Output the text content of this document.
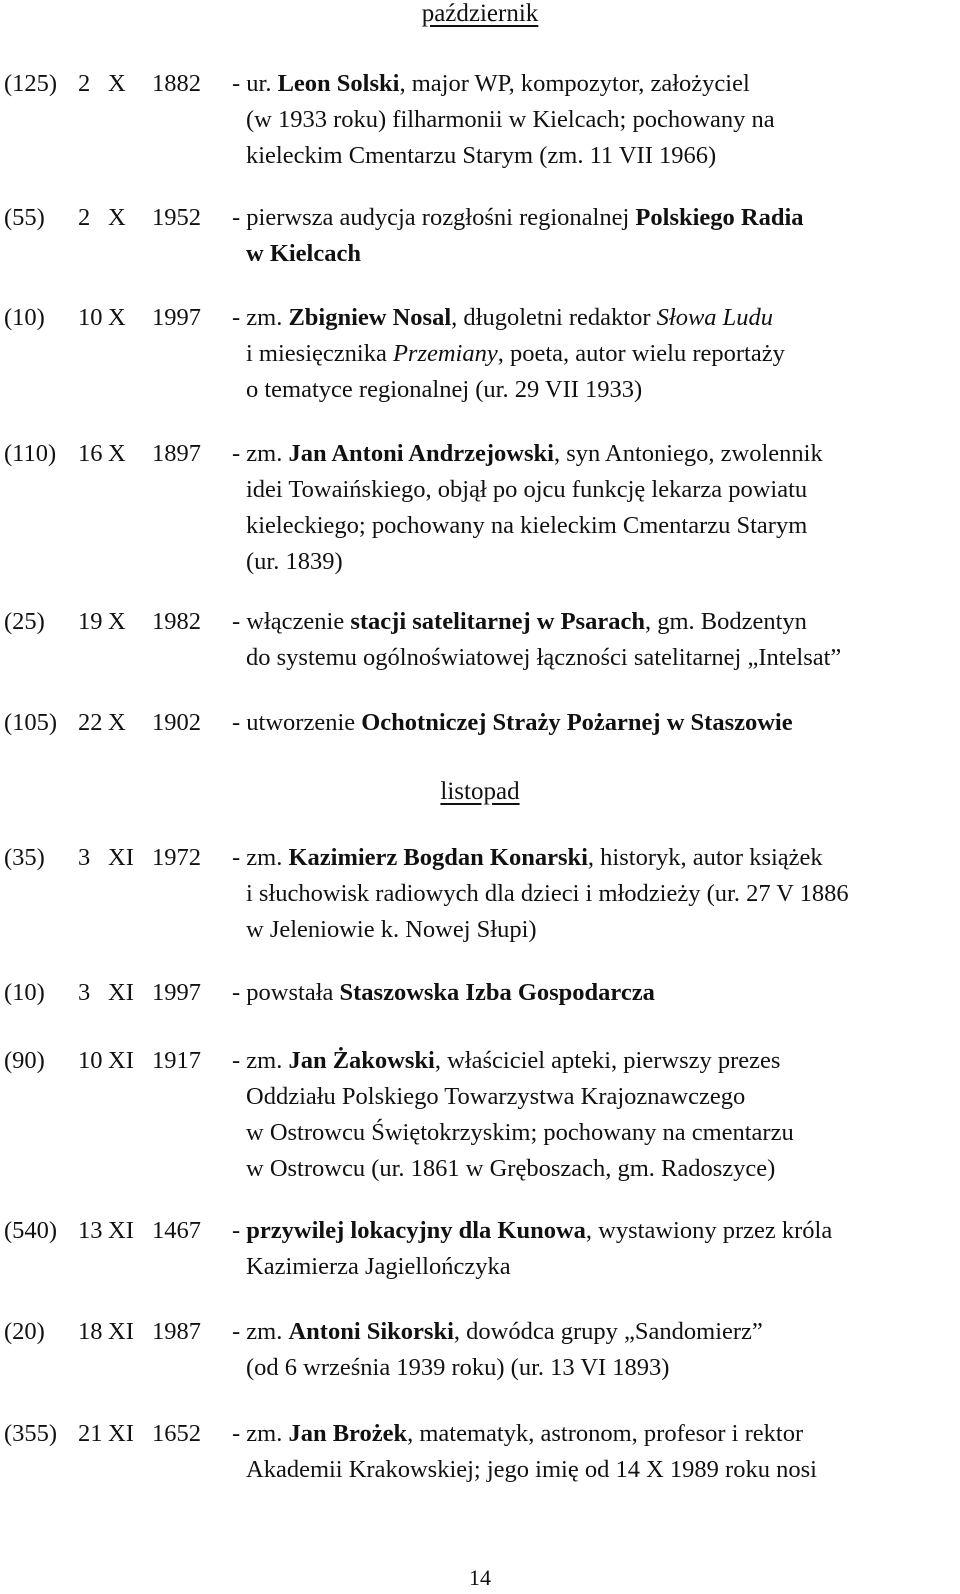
październik
listopad
(125) 2 X 1882 - ur. Leon Solski, major WP, kompozytor, założyciel
(w 1933 roku) filharmonii w Kielcach; pochowany na
kieleckim Cmentarzu Starym (zm. 11 VII 1966)
(55) 2 X 1952 - pierwsza audycja rozgłośni regionalnej Polskiego Radia
w Kielcach
(10) 10 X 1997 - zm. Zbigniew Nosal, długoletni redaktor Słowa Ludu
i miesięcznika Przemiany, poeta, autor wielu reportaży
o tematyce regionalnej (ur. 29 VII 1933)
(110) 16 X 1897 - zm. Jan Antoni Andrzejowski, syn Antoniego, zwolennik
idei Towaińskiego, objął po ojcu funkcję lekarza powiatu
kieleckiego; pochowany na kieleckim Cmentarzu Starym
(ur. 1839)
(25) 19 X 1982 - włączenie stacji satelitarnej w Psarach, gm. Bodzentyn
do systemu ogólnoświatowej łączności satelitarnej „Intelsat”
(105) 22 X 1902 - utworzenie Ochotniczej Straży Pożarnej w Staszowie
(35) 3 XI 1972 - zm. Kazimierz Bogdan Konarski, historyk, autor książek
i słuchowisk radiowych dla dzieci i młodzieży (ur. 27 V 1886
w Jeleniowie k. Nowej Słupi)
(10) 3 XI 1997 - powstała Staszowska Izba Gospodarcza
(90) 10 XI 1917 - zm. Jan Żakowski, właściciel apteki, pierwszy prezes
Oddziału Polskiego Towarzystwa Krajoznawczego
w Ostrowcu Świętokrzyskim; pochowany na cmentarzu
w Ostrowcu (ur. 1861 w Gręboszach, gm. Radoszyce)
(540) 13 XI 1467 - przywilej lokacyjny dla Kunowa, wystawiony przez króla
Kazimierza Jagiellończyka
(20) 18 XI 1987 - zm. Antoni Sikorski, dowódca grupy „Sandomierz”
(od 6 września 1939 roku) (ur. 13 VI 1893)
(355) 21 XI 1652 - zm. Jan Brożek, matematyk, astronom, profesor i rektor
Akademii Krakowskiej; jego imię od 14 X 1989 roku nosi
14
